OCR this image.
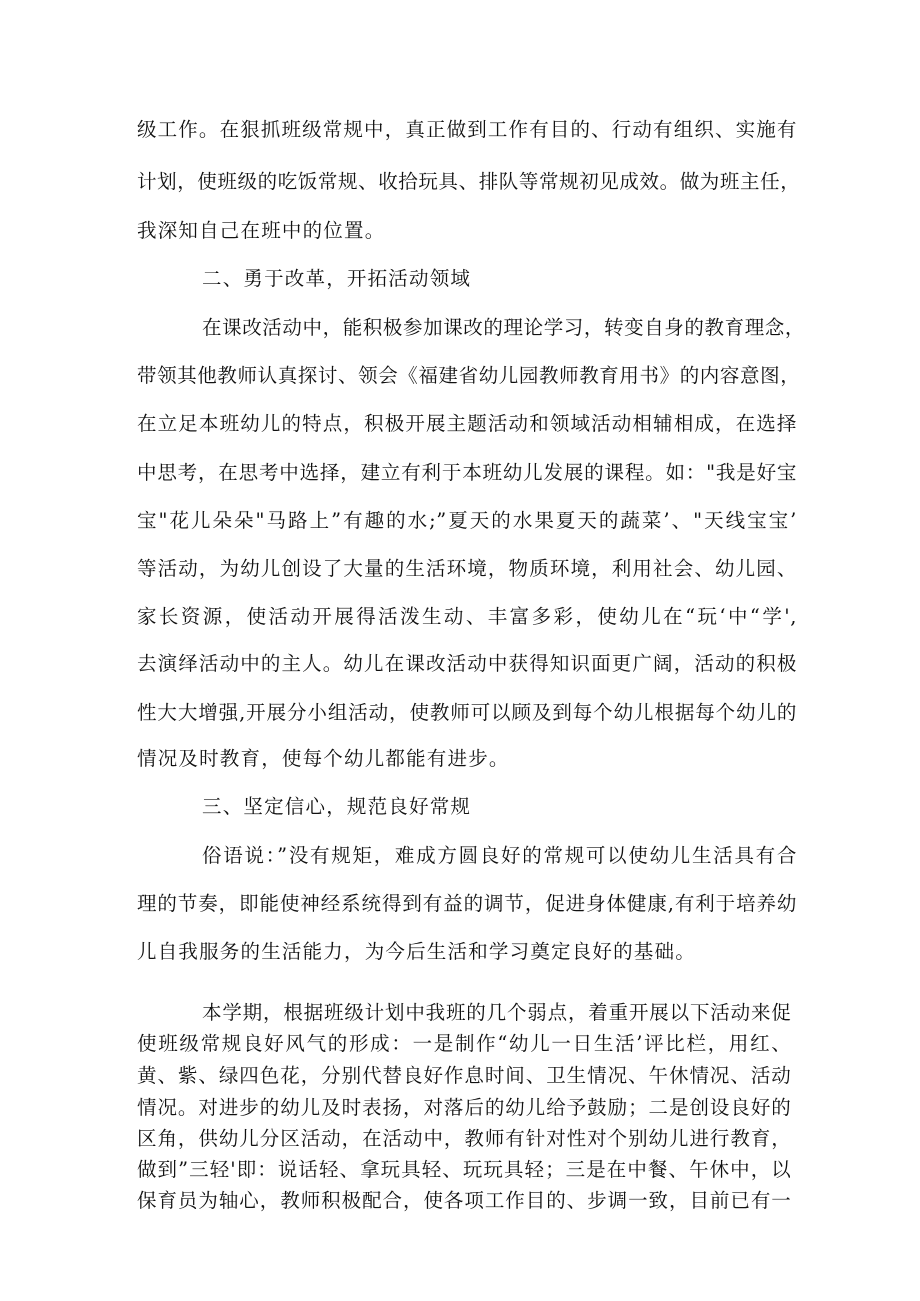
级工作。在狠抓班级常规中，真正做到工作有目的、行动有组织、实施有
计划，使班级的吃饭常规、收拾玩具、排队等常规初见成效。做为班主任，
我深知自己在班中的位置。
二、勇于改革，开拓活动领域
在课改活动中，能积极参加课改的理论学习，转变自身的教育理念，
带领其他教师认真探讨、领会《福建省幼儿园教师教育用书》的内容意图，
在立足本班幼儿的特点，积极开展主题活动和领域活动相辅相成，在选择
中思考，在思考中选择，建立有利于本班幼儿发展的课程。如："我是好宝
宝"花儿朵朵"马路上”有趣的水;”夏天的水果夏天的蔬菜’、"天线宝宝’
等活动，为幼儿创设了大量的生活环境，物质环境，利用社会、幼儿园、
家长资源，使活动开展得活泼生动、丰富多彩，使幼儿在“玩‘中“学',
去演绎活动中的主人。幼儿在课改活动中获得知识面更广阔，活动的积极
性大大增强,开展分小组活动，使教师可以顾及到每个幼儿根据每个幼儿的
情况及时教育，使每个幼儿都能有进步。
三、坚定信心，规范良好常规
俗语说：”没有规矩，难成方圆良好的常规可以使幼儿生活具有合
理的节奏，即能使神经系统得到有益的调节，促进身体健康,有利于培养幼
儿自我服务的生活能力，为今后生活和学习奠定良好的基础。
本学期，根据班级计划中我班的几个弱点，着重开展以下活动来促
使班级常规良好风气的形成：一是制作“幼儿一日生活’评比栏，用红、
黄、紫、绿四色花，分别代替良好作息时间、卫生情况、午休情况、活动
情况。对进步的幼儿及时表扬，对落后的幼儿给予鼓励；二是创设良好的
区角，供幼儿分区活动，在活动中，教师有针对性对个别幼儿进行教育，
做到”三轻'即：说话轻、拿玩具轻、玩玩具轻；三是在中餐、午休中，以
保育员为轴心，教师积极配合，使各项工作目的、步调一致，目前已有一
